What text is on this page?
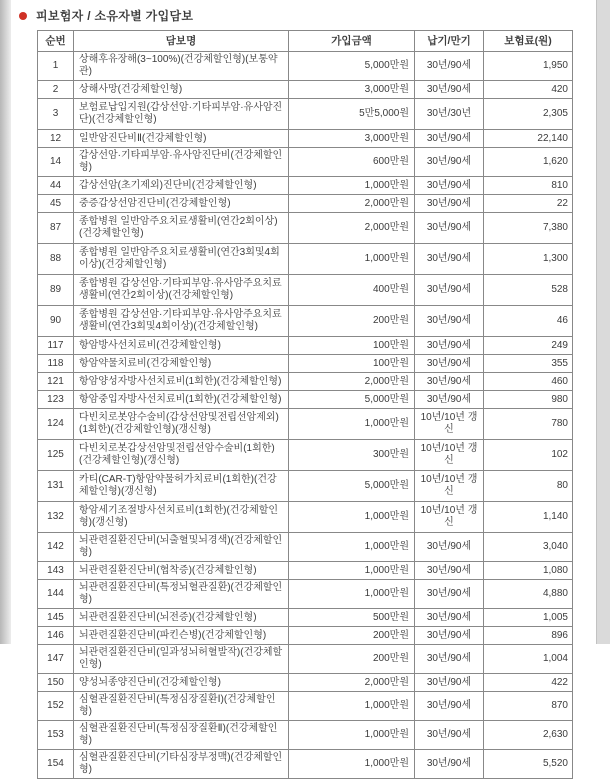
피보험자 / 소유자별 가입담보
순번	담보명	가입금액	납기/만기	보험료(원)
1	상해후유장해(3~100%)(건강체할인형)(보통약관)	5,000만원	30년/90세	1,950
2	상해사망(건강체할인형)	3,000만원	30년/90세	420
3	보험료납입지원(갑상선암·기타피부암·유사암진단)(건강체할인형)	5만5,000원	30년/30년	2,305
12	일반암진단비Ⅱ(건강체할인형)	3,000만원	30년/90세	22,140
14	갑상선암·기타피부암·유사암진단비(건강체할인형)	600만원	30년/90세	1,620
44	갑상선암(초기제외)진단비(건강체할인형)	1,000만원	30년/90세	810
45	중증갑상선암진단비(건강체할인형)	2,000만원	30년/90세	22
87	종합병원 일반암주요치료생활비(연간2회이상)(건강체할인형)	2,000만원	30년/90세	7,380
88	종합병원 일반암주요치료생활비(연간3회및4회이상)(건강체할인형)	1,000만원	30년/90세	1,300
89	종합병원 갑상선암·기타피부암·유사암주요치료생활비(연간2회이상)(건강체할인형)	400만원	30년/90세	528
90	종합병원 갑상선암·기타피부암·유사암주요치료생활비(연간3회및4회이상)(건강체할인형)	200만원	30년/90세	46
117	항암방사선치료비(건강체할인형)	100만원	30년/90세	249
118	항암약물치료비(건강체할인형)	100만원	30년/90세	355
121	항암양성자방사선치료비(1회한)(건강체할인형)	2,000만원	30년/90세	460
123	항암중입자방사선치료비(1회한)(건강체할인형)	5,000만원	30년/90세	980
124	다빈치로봇암수술비(갑상선암및전립선암제외)(1회한)(건강체할인형)(갱신형)	1,000만원	10년/10년 갱신	780
125	다빈치로봇갑상선암및전립선암수술비(1회한)(건강체할인형)(갱신형)	300만원	10년/10년 갱신	102
131	카티(CAR-T)항암약물허가치료비(1회한)(건강체할인형)(갱신형)	5,000만원	10년/10년 갱신	80
132	항암세기조절방사선치료비(1회한)(건강체할인형)(갱신형)	1,000만원	10년/10년 갱신	1,140
142	뇌관련질환진단비(뇌출혈및뇌경색)(건강체할인형)	1,000만원	30년/90세	3,040
143	뇌관련질환진단비(협착증)(건강체할인형)	1,000만원	30년/90세	1,080
144	뇌관련질환진단비(특정뇌혈관질환)(건강체할인형)	1,000만원	30년/90세	4,880
145	뇌관련질환진단비(뇌전증)(건강체할인형)	500만원	30년/90세	1,005
146	뇌관련질환진단비(파킨슨병)(건강체할인형)	200만원	30년/90세	896
147	뇌관련질환진단비(일과성뇌허혈발작)(건강체할인형)	200만원	30년/90세	1,004
150	양성뇌종양진단비(건강체할인형)	2,000만원	30년/90세	422
152	심혈관질환진단비(특정심장질환Ⅰ)(건강체할인형)	1,000만원	30년/90세	870
153	심혈관질환진단비(특정심장질환Ⅱ)(건강체할인형)	1,000만원	30년/90세	2,630
154	심혈관질환진단비(기타심장부정맥)(건강체할인형)	1,000만원	30년/90세	5,520
